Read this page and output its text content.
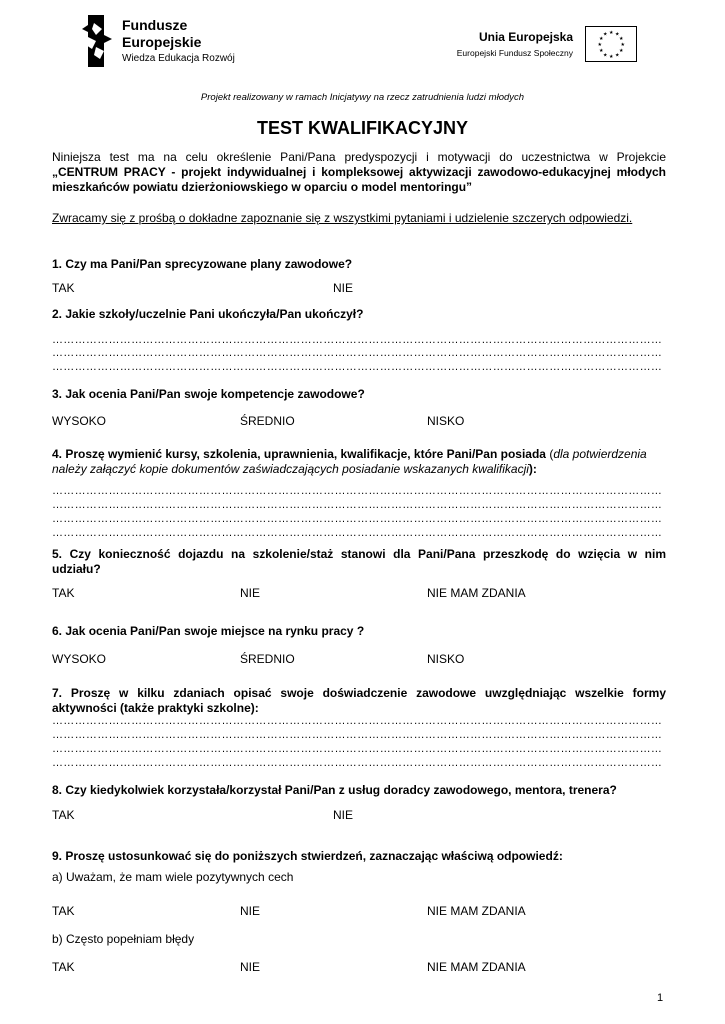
Fundusze
Europejskie
Wiedza Edukacja Rozwój
Unia Europejska
Europejski Fundusz Społeczny
★ ★
★
★
★
★
★
★
★
★
★
★
Projekt realizowany w ramach Inicjatywy na rzecz zatrudnienia ludzi młodych
TEST KWALIFIKACYJNY
Niniejsza test ma na celu określenie Pani/Pana predyspozycji i motywacji do uczestnictwa w Projekcie
„CENTRUM PRACY - projekt indywidualnej i kompleksowej aktywizacji zawodowo-edukacyjnej młodych
mieszkańców powiatu dzierżoniowskiego w oparciu o model mentoringu”
Zwracamy się z prośbą o dokładne zapoznanie się z wszystkimi pytaniami i udzielenie szczerych odpowiedzi.
1. Czy ma Pani/Pan sprecyzowane plany zawodowe?
TAK	NIE
2. Jakie szkoły/uczelnie Pani ukończyła/Pan ukończył?
………………………………………………………………………………………………………………………………………………
………………………………………………………………………………………………………………………………………………
………………………………………………………………………………………………………………………………………………
3. Jak ocenia Pani/Pan swoje kompetencje zawodowe?
WYSOKO	ŚREDNIO	NISKO
4. Proszę wymienić kursy, szkolenia, uprawnienia, kwalifikacje, które Pani/Pan posiada (dla potwierdzenia
należy załączyć kopie dokumentów zaświadczających posiadanie wskazanych kwalifikacji):
………………………………………………………………………………………………………………………………………………
………………………………………………………………………………………………………………………………………………
………………………………………………………………………………………………………………………………………………
………………………………………………………………………………………………………………………………………………
5. Czy konieczność dojazdu na szkolenie/staż stanowi dla Pani/Pana przeszkodę do wzięcia w nim
udziału?
TAK	NIE	NIE MAM ZDANIA
6. Jak ocenia Pani/Pan swoje miejsce na rynku pracy ?
WYSOKO	ŚREDNIO	NISKO
7. Proszę w kilku zdaniach opisać swoje doświadczenie zawodowe uwzględniając wszelkie formy
aktywności (także praktyki szkolne):
………………………………………………………………………………………………………………………………………………
………………………………………………………………………………………………………………………………………………
………………………………………………………………………………………………………………………………………………
………………………………………………………………………………………………………………………………………………
8. Czy kiedykolwiek korzystała/korzystał Pani/Pan z usług doradcy zawodowego, mentora, trenera?
TAK	NIE
9. Proszę ustosunkować się do poniższych stwierdzeń, zaznaczając właściwą odpowiedź:
a) Uważam, że mam wiele pozytywnych cech
TAK	NIE	NIE MAM ZDANIA
b) Często popełniam błędy
TAK	NIE	NIE MAM ZDANIA
1
